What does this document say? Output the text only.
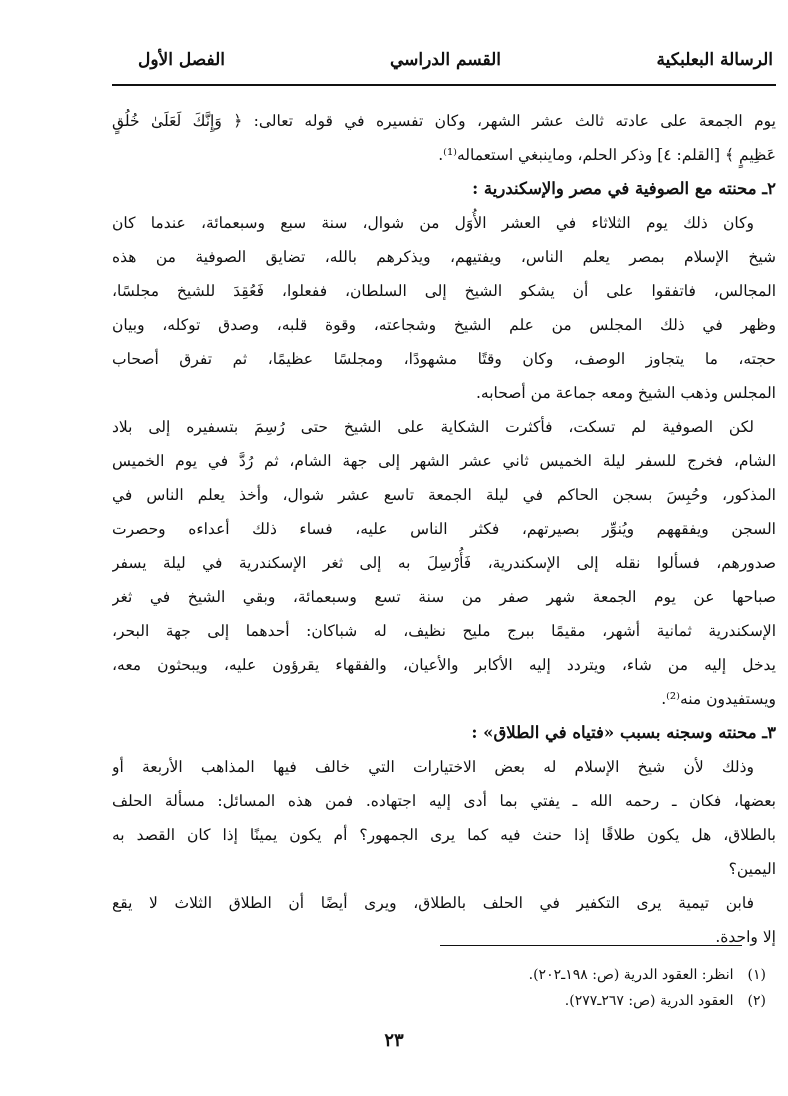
الرسالة البعلبكية
القسم الدراسي
الفصل الأول
يوم الجمعة على عادته ثالث عشر الشهر، وكان تفسيره في قوله تعالى: ﴿ وَإِنَّكَ لَعَلَىٰ خُلُقٍ
عَظِيمٍ ﴾ [القلم: ٤] وذكر الحلم، وماينبغي استعماله⁽¹⁾.
٢ـ محنته مع الصوفية في مصر والإسكندرية :
وكان ذلك يوم الثلاثاء في العشر الأُوَل من شوال، سنة سبع وسبعمائة، عندما كان
شيخ الإسلام بمصر يعلم الناس، ويفتيهم، ويذكرهم بالله، تضايق الصوفية من هذه
المجالس، فاتفقوا على أن يشكو الشيخ إلى السلطان، ففعلوا، فَعُقِدَ للشيخ مجلسًا،
وظهر في ذلك المجلس من علم الشيخ وشجاعته، وقوة قلبه، وصدق توكله، وبيان
حجته، ما يتجاوز الوصف، وكان وقتًا مشهودًا، ومجلسًا عظيمًا، ثم تفرق أصحاب
المجلس وذهب الشيخ ومعه جماعة من أصحابه.
لكن الصوفية لم تسكت، فأكثرت الشكاية على الشيخ حتى رُسِمَ بتسفيره إلى بلاد
الشام، فخرج للسفر ليلة الخميس ثاني عشر الشهر إلى جهة الشام، ثم رُدَّ في يوم الخميس
المذكور، وحُبِسَ بسجن الحاكم في ليلة الجمعة تاسع عشر شوال، وأخذ يعلم الناس في
السجن ويفقههم ويُنوِّر بصيرتهم، فكثر الناس عليه، فساء ذلك أعداءه وحصرت
صدورهم، فسألوا نقله إلى الإسكندرية، فَأُرْسِلَ به إلى ثغر الإسكندرية في ليلة يسفر
صباحها عن يوم الجمعة شهر صفر من سنة تسع وسبعمائة، وبقي الشيخ في ثغر
الإسكندرية ثمانية أشهر، مقيمًا ببرج مليح نظيف، له شباكان: أحدهما إلى جهة البحر،
يدخل إليه من شاء، ويتردد إليه الأكابر والأعيان، والفقهاء يقرؤون عليه، ويبحثون معه،
ويستفيدون منه⁽²⁾.
٣ـ محنته وسجنه بسبب «فتياه في الطلاق» :
وذلك لأن شيخ الإسلام له بعض الاختيارات التي خالف فيها المذاهب الأربعة أو
بعضها، فكان ـ رحمه الله ـ يفتي بما أدى إليه اجتهاده. فمن هذه المسائل: مسألة الحلف
بالطلاق، هل يكون طلاقًا إذا حنث فيه كما يرى الجمهور؟ أم يكون يمينًا إذا كان القصد به
اليمين؟
فابن تيمية يرى التكفير في الحلف بالطلاق، ويرى أيضًا أن الطلاق الثلاث لا يقع
إلا واحدة.
(١)انظر: العقود الدرية (ص: ١٩٨ـ٢٠٢).
(٢)العقود الدرية (ص: ٢٦٧ـ٢٧٧).
٢٣
